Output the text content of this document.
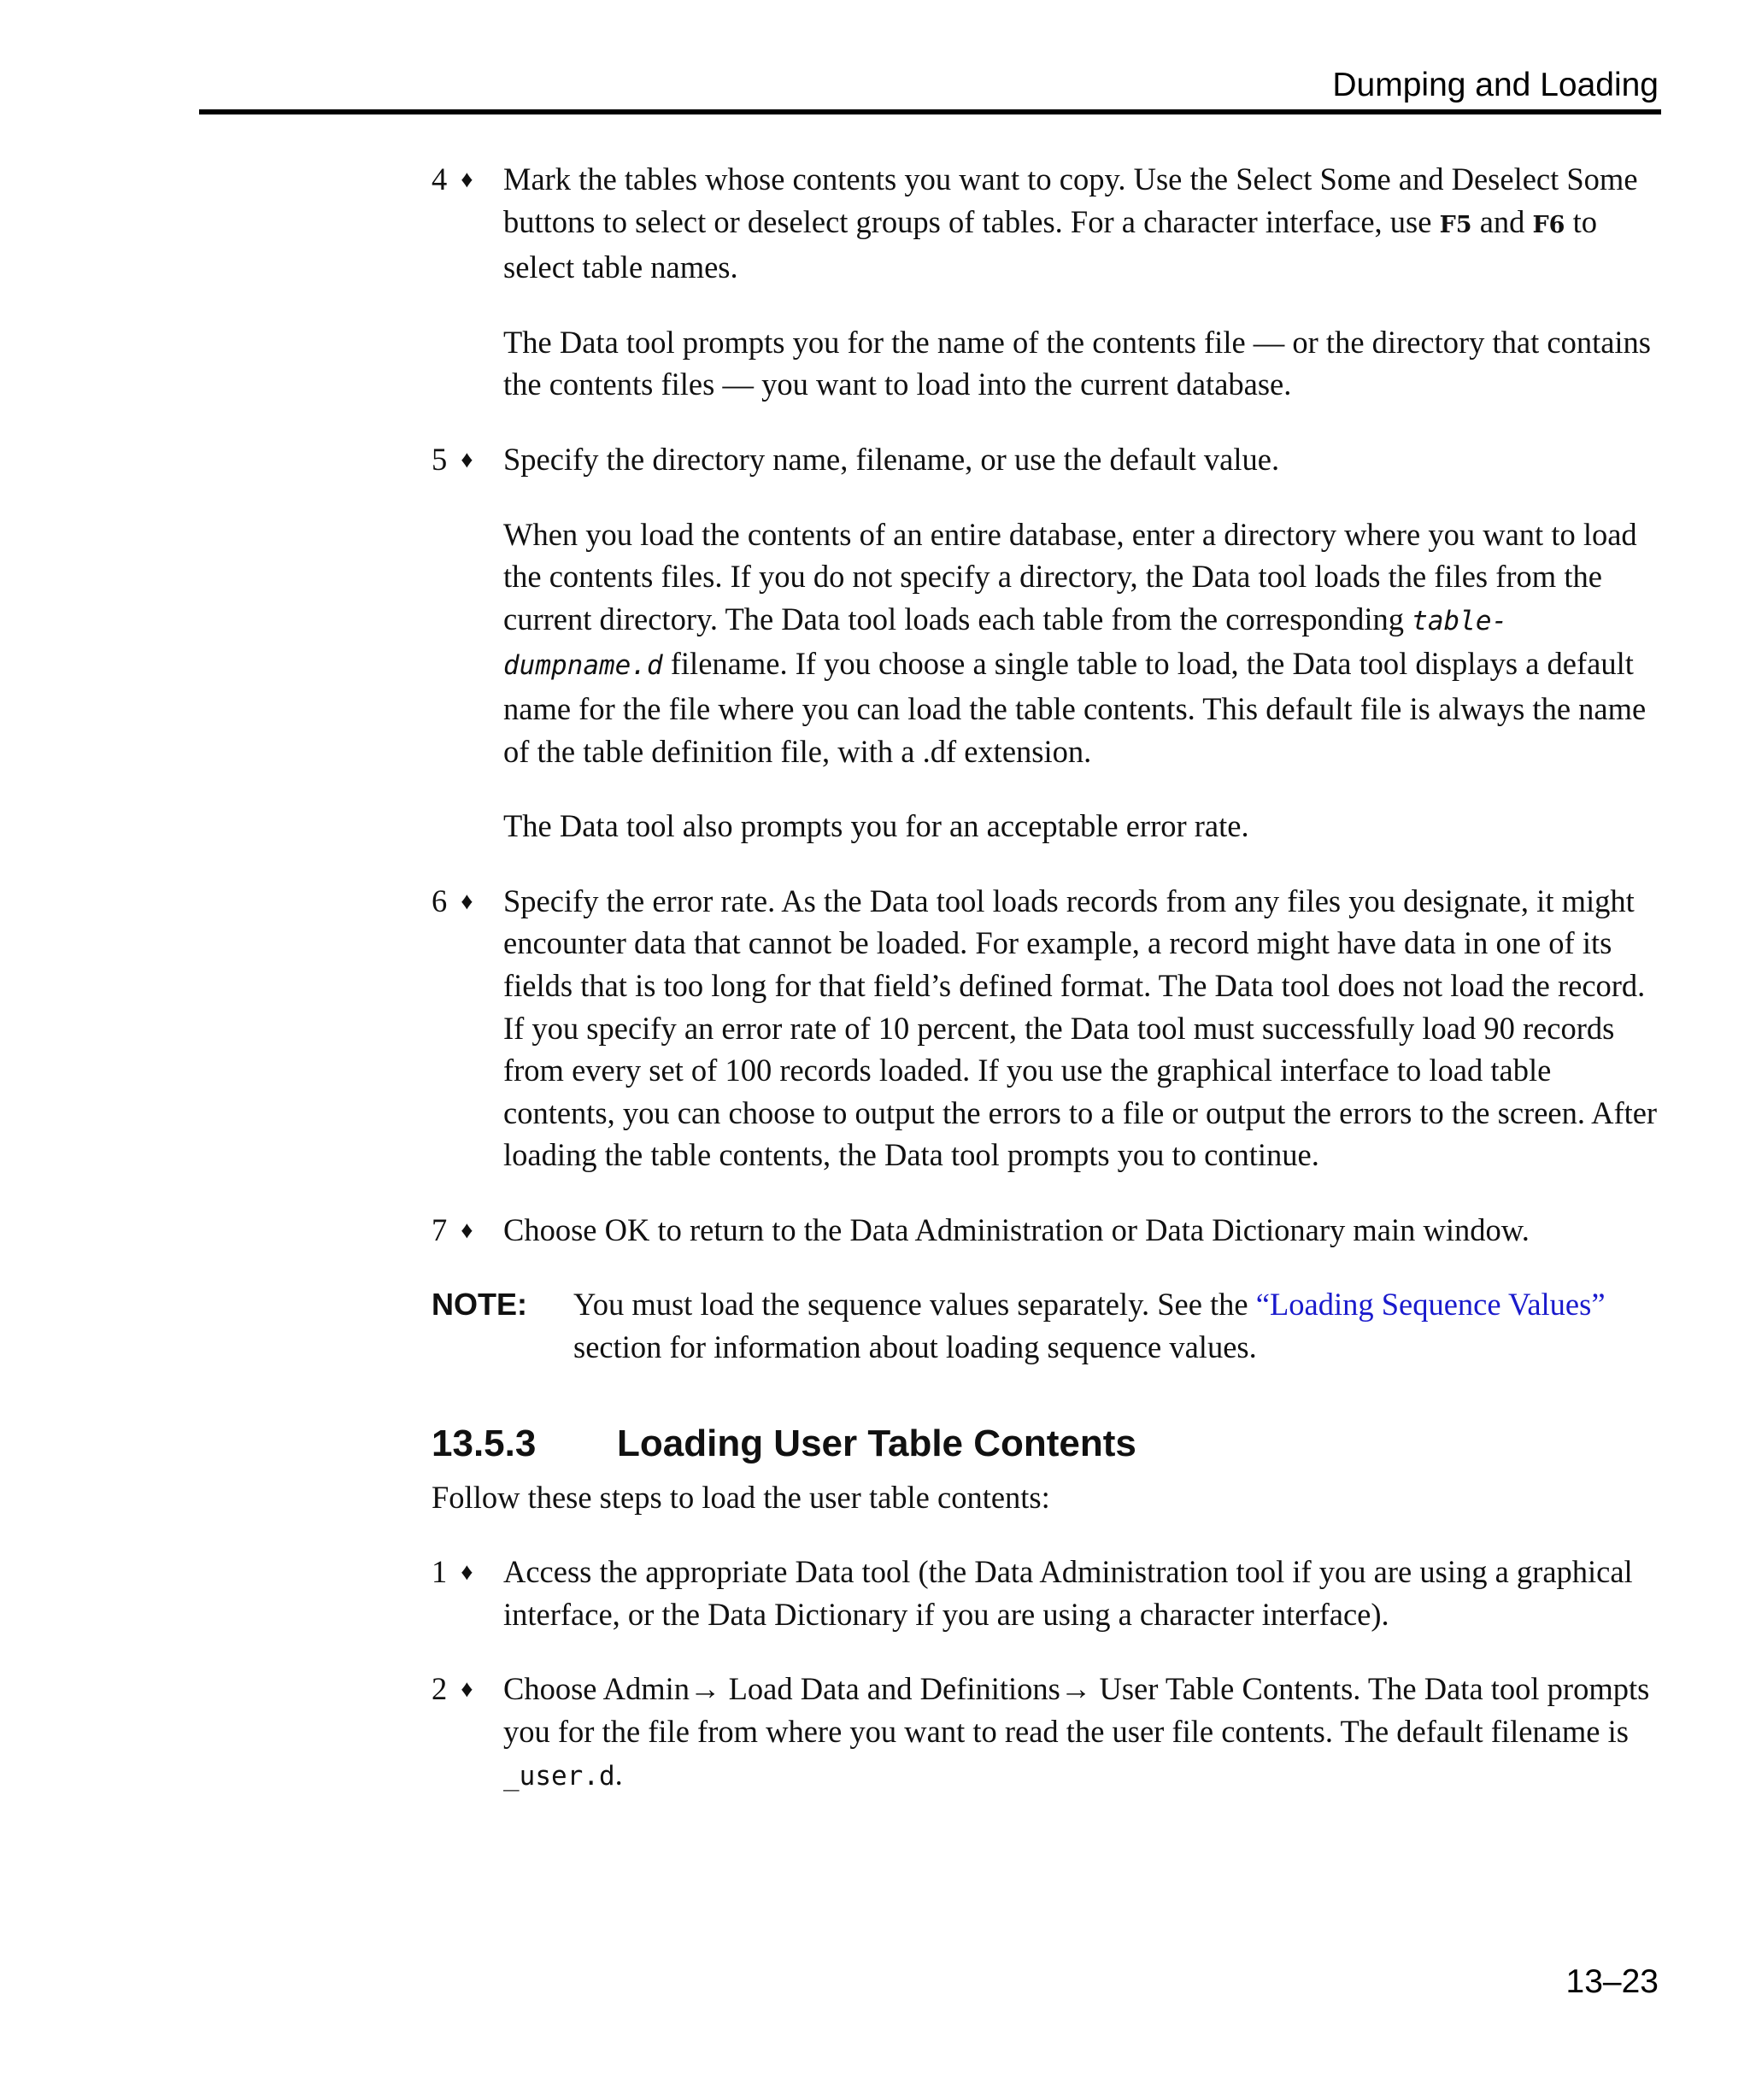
Dumping and Loading
4 ♦ Mark the tables whose contents you want to copy. Use the Select Some and Deselect Some buttons to select or deselect groups of tables. For a character interface, use F5 and F6 to select table names.

The Data tool prompts you for the name of the contents file — or the directory that contains the contents files — you want to load into the current database.

5 ♦ Specify the directory name, filename, or use the default value.

When you load the contents of an entire database, enter a directory where you want to load the contents files. If you do not specify a directory, the Data tool loads the files from the current directory. The Data tool loads each table from the corresponding table-dumpname.d filename. If you choose a single table to load, the Data tool displays a default name for the file where you can load the table contents. This default file is always the name of the table definition file, with a .df extension.

The Data tool also prompts you for an acceptable error rate.

6 ♦ Specify the error rate. As the Data tool loads records from any files you designate, it might encounter data that cannot be loaded. For example, a record might have data in one of its fields that is too long for that field’s defined format. The Data tool does not load the record. If you specify an error rate of 10 percent, the Data tool must successfully load 90 records from every set of 100 records loaded. If you use the graphical interface to load table contents, you can choose to output the errors to a file or output the errors to the screen. After loading the table contents, the Data tool prompts you to continue.
7 ♦ Choose OK to return to the Data Administration or Data Dictionary main window.
NOTE: You must load the sequence values separately. See the “Loading Sequence Values” section for information about loading sequence values.
13.5.3 Loading User Table Contents

Follow these steps to load the user table contents:

1 ♦ Access the appropriate Data tool (the Data Administration tool if you are using a graphical interface, or the Data Dictionary if you are using a character interface).
2 ♦ Choose Admin→ Load Data and Definitions→ User Table Contents. The Data tool prompts you for the file from where you want to read the user file contents. The default filename is _user.d.
13–23
